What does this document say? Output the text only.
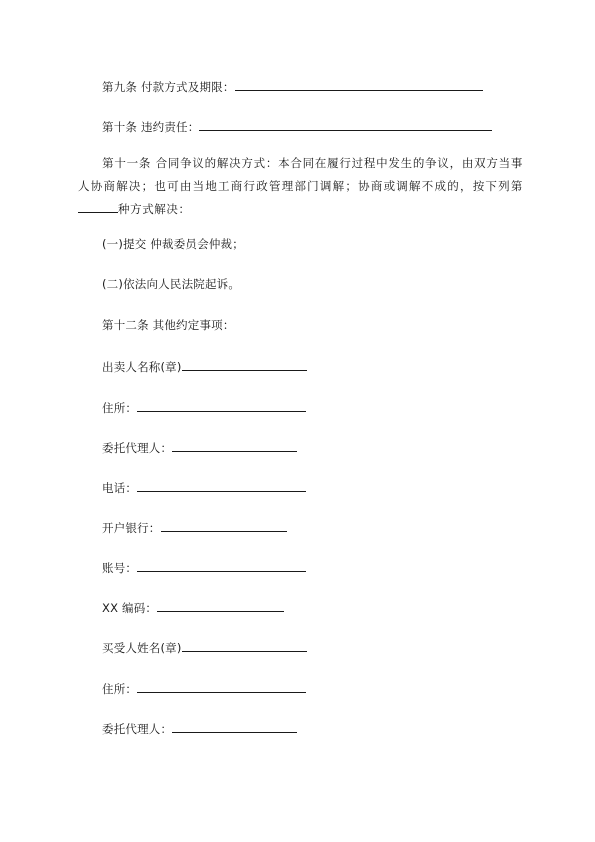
第九条 付款方式及期限：
第十条 违约责任：
第十一条 合同争议的解决方式：本合同在履行过程中发生的争议，由双方当事人协商解决；也可由当地工商行政管理部门调解；协商或调解不成的，按下列第种方式解决：
(一)提交 仲裁委员会仲裁；
(二)依法向人民法院起诉。
第十二条 其他约定事项：
出卖人名称(章)
住所：
委托代理人：
电话：
开户银行：
账号：
XX 编码：
买受人姓名(章)
住所：
委托代理人：
